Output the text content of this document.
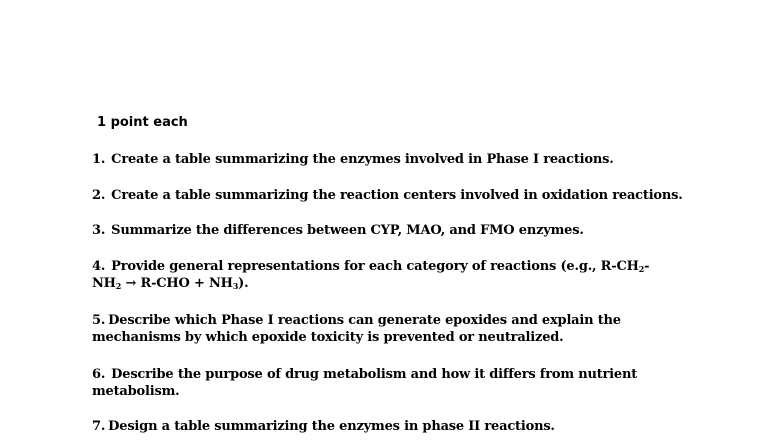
1 point each
1. Create a table summarizing the enzymes involved in Phase I reactions.
2. Create a table summarizing the reaction centers involved in oxidation reactions.
3. Summarize the differences between CYP, MAO, and FMO enzymes.
4. Provide general representations for each category of reactions (e.g., $R-CH_2-NH_2 \to R-CHO + NH_3$).
5. Describe which Phase I reactions can generate epoxides and explain the mechanisms by which epoxide toxicity is prevented or neutralized.
6. Describe the purpose of drug metabolism and how it differs from nutrient metabolism.
7. Design a table summarizing the enzymes in phase II reactions.
